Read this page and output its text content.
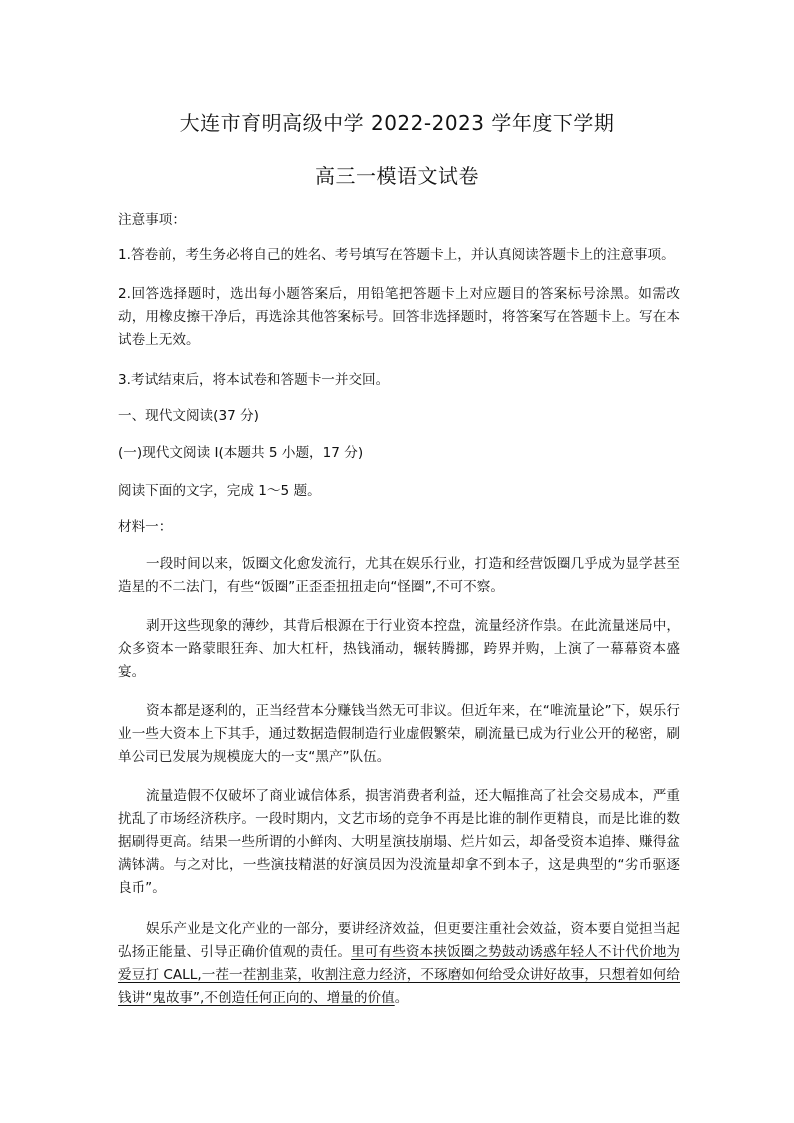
大连市育明高级中学 2022-2023 学年度下学期
高三一模语文试卷
注意事项：
1.答卷前，考生务必将自己的姓名、考号填写在答题卡上，并认真阅读答题卡上的注意事项。
2.回答选择题时，选出每小题答案后，用铅笔把答题卡上对应题目的答案标号涂黑。如需改动，用橡皮擦干净后，再选涂其他答案标号。回答非选择题时，将答案写在答题卡上。写在本试卷上无效。
3.考试结束后，将本试卷和答题卡一并交回。
一、现代文阅读(37 分)
(一)现代文阅读 I(本题共 5 小题，17 分)
阅读下面的文字，完成 1～5 题。
材料一：
一段时间以来，饭圈文化愈发流行，尤其在娱乐行业，打造和经营饭圈几乎成为显学甚至造星的不二法门，有些“饭圈”正歪歪扭扭走向“怪圈”,不可不察。
剥开这些现象的薄纱，其背后根源在于行业资本控盘，流量经济作祟。在此流量迷局中，众多资本一路蒙眼狂奔、加大杠杆，热钱涌动，辗转腾挪，跨界并购，上演了一幕幕资本盛宴。
资本都是逐利的，正当经营本分赚钱当然无可非议。但近年来，在“唯流量论”下，娱乐行业一些大资本上下其手，通过数据造假制造行业虚假繁荣，刷流量已成为行业公开的秘密，刷单公司已发展为规模庞大的一支“黑产”队伍。
流量造假不仅破坏了商业诚信体系，损害消费者利益，还大幅推高了社会交易成本，严重扰乱了市场经济秩序。一段时期内，文艺市场的竞争不再是比谁的制作更精良，而是比谁的数据刷得更高。结果一些所谓的小鲜肉、大明星演技崩塌、烂片如云，却备受资本追捧、赚得盆满钵满。与之对比，一些演技精湛的好演员因为没流量却拿不到本子，这是典型的“劣币驱逐良币”。
娱乐产业是文化产业的一部分，要讲经济效益，但更要注重社会效益，资本要自觉担当起弘扬正能量、引导正确价值观的责任。里可有些资本挟饭圈之势鼓动诱惑年轻人不计代价地为爱豆打 CALL,一茬一茬割韭菜，收割注意力经济，不琢磨如何给受众讲好故事，只想着如何给钱讲“鬼故事”,不创造任何正向的、增量的价值。
